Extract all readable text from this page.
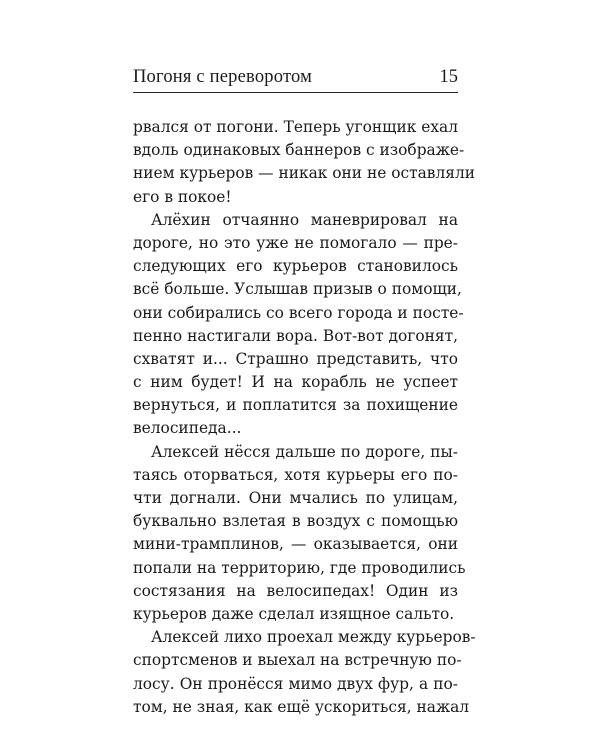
Погоня с переворотом	15
рвался от погони. Теперь угонщик ехал
вдоль одинаковых баннеров с изображе-
нием курьеров — никак они не оставляли
его в покое!
Алёхин отчаянно маневрировал на
дороге, но это уже не помогало — пре-
следующих его курьеров становилось
всё больше. Услышав призыв о помощи,
они собирались со всего города и посте-
пенно настигали вора. Вот-вот догонят,
схватят и... Страшно представить, что
с ним будет! И на корабль не успеет
вернуться, и поплатится за похищение
велосипеда...
Алексей нёсся дальше по дороге, пы-
таясь оторваться, хотя курьеры его по-
чти догнали. Они мчались по улицам,
буквально взлетая в воздух с помощью
мини-трамплинов, — оказывается, они
попали на территорию, где проводились
состязания на велосипедах! Один из
курьеров даже сделал изящное сальто.
Алексей лихо проехал между курьеров-
спортсменов и выехал на встречную по-
лосу. Он пронёсся мимо двух фур, а по-
том, не зная, как ещё ускориться, нажал
